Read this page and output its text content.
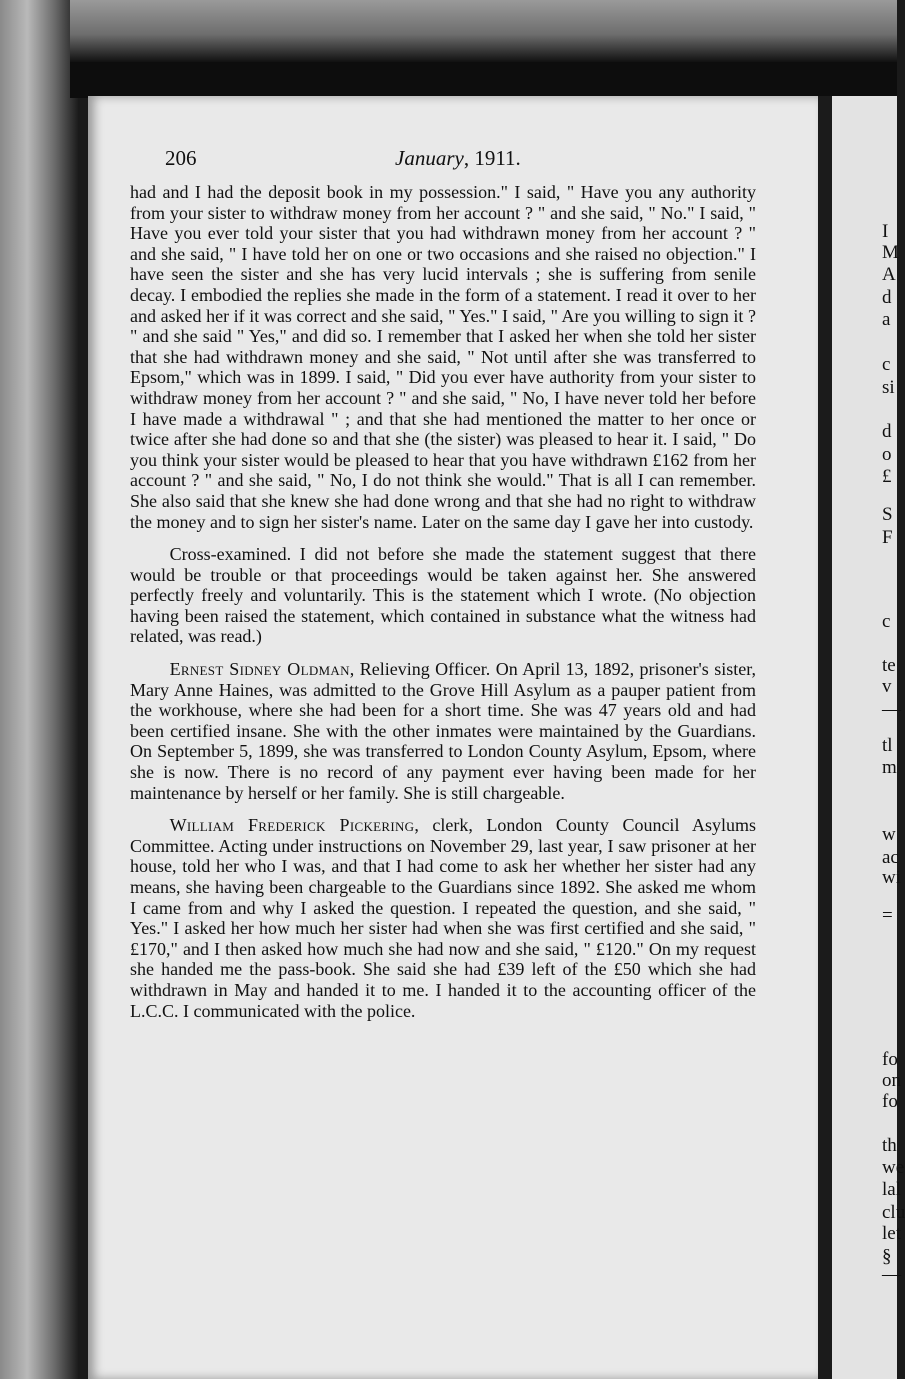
I
M
A
d
a
c
si
d
o
£
S
F
c
te
v
—
tl
m
w
ac
wi
=
fo
on
fo
th
we
lal
clu
let
§
—
206	January, 1911.

had and I had the deposit book in my possession." I said, " Have you any authority from your sister to withdraw money from her account ? " and she said, " No." I said, " Have you ever told your sister that you had withdrawn money from her account ? " and she said, " I have told her on one or two occasions and she raised no objection." I have seen the sister and she has very lucid intervals ; she is suffering from senile decay. I embodied the replies she made in the form of a statement. I read it over to her and asked her if it was correct and she said, " Yes." I said, " Are you willing to sign it ? " and she said " Yes," and did so. I remember that I asked her when she told her sister that she had withdrawn money and she said, " Not until after she was transferred to Epsom," which was in 1899. I said, " Did you ever have authority from your sister to withdraw money from her account ? " and she said, " No, I have never told her before I have made a withdrawal " ; and that she had mentioned the matter to her once or twice after she had done so and that she (the sister) was pleased to hear it. I said, " Do you think your sister would be pleased to hear that you have withdrawn £162 from her account ? " and she said, " No, I do not think she would." That is all I can remember. She also said that she knew she had done wrong and that she had no right to withdraw the money and to sign her sister's name. Later on the same day I gave her into custody.

Cross-examined. I did not before she made the statement suggest that there would be trouble or that proceedings would be taken against her. She answered perfectly freely and voluntarily. This is the statement which I wrote. (No objection having been raised the statement, which contained in substance what the witness had related, was read.)

Ernest Sidney Oldman, Relieving Officer. On April 13, 1892, prisoner's sister, Mary Anne Haines, was admitted to the Grove Hill Asylum as a pauper patient from the workhouse, where she had been for a short time. She was 47 years old and had been certified insane. She with the other inmates were maintained by the Guardians. On September 5, 1899, she was transferred to London County Asylum, Epsom, where she is now. There is no record of any payment ever having been made for her maintenance by herself or her family. She is still chargeable.

William Frederick Pickering, clerk, London County Council Asylums Committee. Acting under instructions on November 29, last year, I saw prisoner at her house, told her who I was, and that I had come to ask her whether her sister had any means, she having been chargeable to the Guardians since 1892. She asked me whom I came from and why I asked the question. I repeated the question, and she said, " Yes." I asked her how much her sister had when she was first certified and she said, " £170," and I then asked how much she had now and she said, " £120." On my request she handed me the pass-book. She said she had £39 left of the £50 which she had withdrawn in May and handed it to me. I handed it to the accounting officer of the L.C.C. I communicated with the police.
